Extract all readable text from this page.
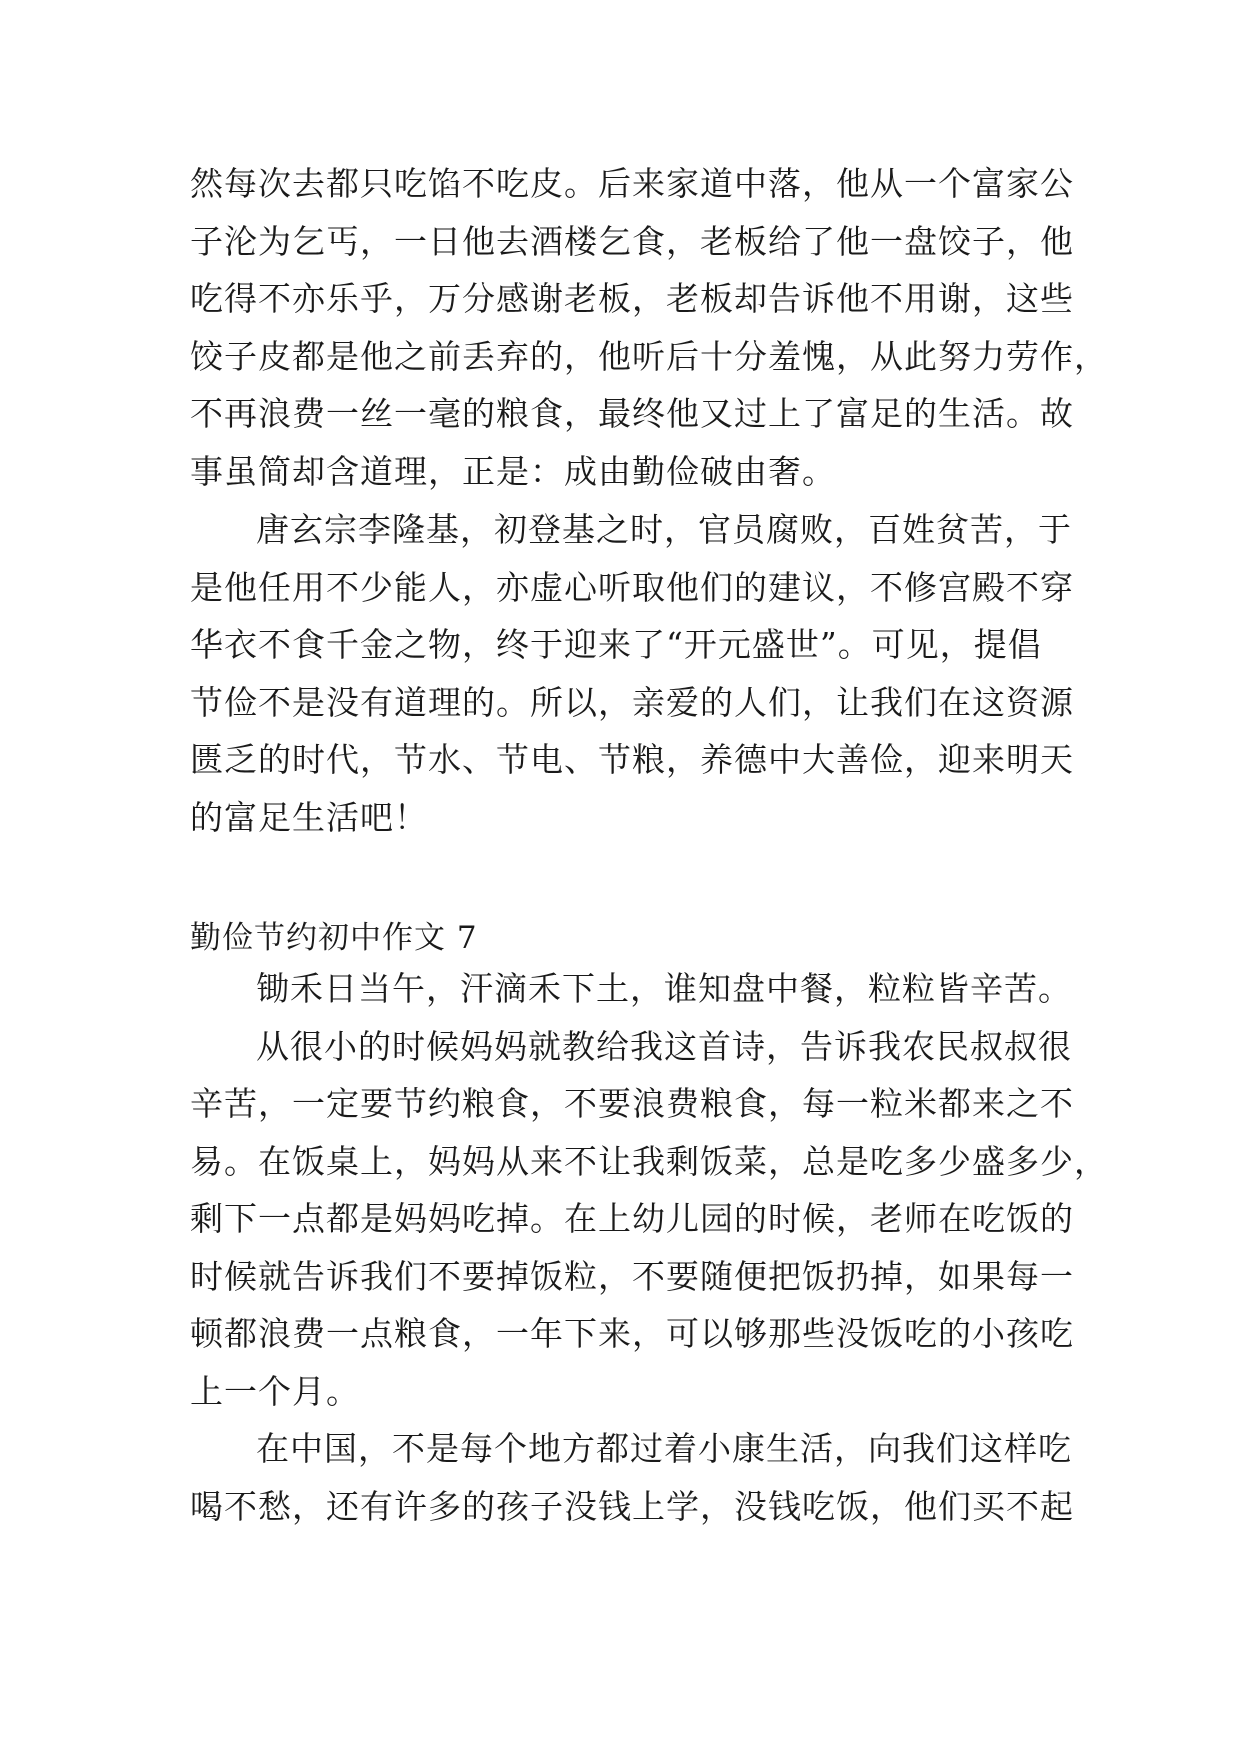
然每次去都只吃馅不吃皮。后来家道中落，他从一个富家公
子沦为乞丐，一日他去酒楼乞食，老板给了他一盘饺子，他
吃得不亦乐乎，万分感谢老板，老板却告诉他不用谢，这些
饺子皮都是他之前丢弃的，他听后十分羞愧，从此努力劳作，
不再浪费一丝一毫的粮食，最终他又过上了富足的生活。故
事虽简却含道理，正是：成由勤俭破由奢。
唐玄宗李隆基，初登基之时，官员腐败，百姓贫苦，于
是他任用不少能人，亦虚心听取他们的建议，不修宫殿不穿
华衣不食千金之物，终于迎来了“开元盛世”。可见，提倡
节俭不是没有道理的。所以，亲爱的人们，让我们在这资源
匮乏的时代，节水、节电、节粮，养德中大善俭，迎来明天
的富足生活吧！
勤俭节约初中作文 7
锄禾日当午，汗滴禾下土，谁知盘中餐，粒粒皆辛苦。
从很小的时候妈妈就教给我这首诗，告诉我农民叔叔很
辛苦，一定要节约粮食，不要浪费粮食，每一粒米都来之不
易。在饭桌上，妈妈从来不让我剩饭菜，总是吃多少盛多少，
剩下一点都是妈妈吃掉。在上幼儿园的时候，老师在吃饭的
时候就告诉我们不要掉饭粒，不要随便把饭扔掉，如果每一
顿都浪费一点粮食，一年下来，可以够那些没饭吃的小孩吃
上一个月。
在中国，不是每个地方都过着小康生活，向我们这样吃
喝不愁，还有许多的孩子没钱上学，没钱吃饭，他们买不起
